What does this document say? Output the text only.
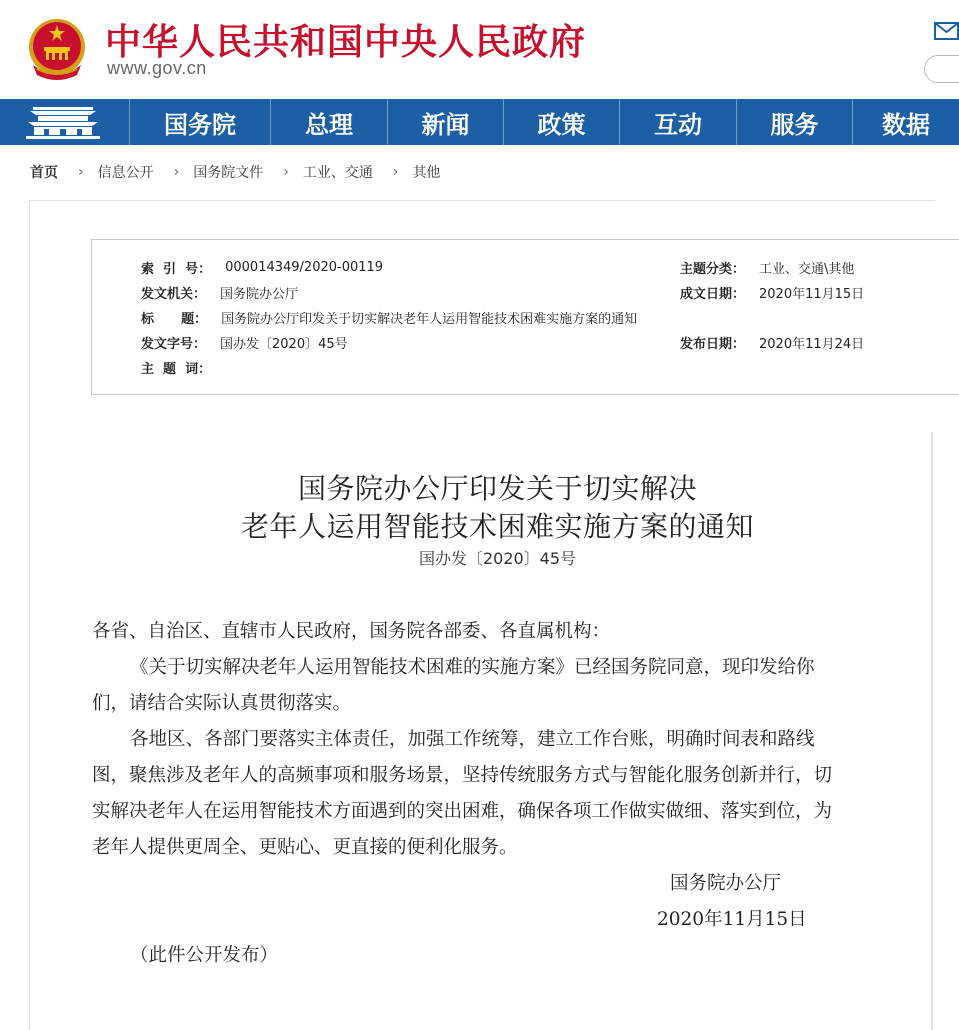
中华人民共和国中央人民政府
www.gov.cn
国务院	总理	新闻	政策	互动	服务	数据
首页 › 信息公开 › 国务院文件 › 工业、交通 › 其他
索  引  号： 000014349/2020-00119	主题分类： 工业、交通\其他
发文机关： 国务院办公厅	成文日期： 2020年11月15日
标      题： 国务院办公厅印发关于切实解决老年人运用智能技术困难实施方案的通知
发文字号： 国办发〔2020〕45号	发布日期： 2020年11月24日
主  题  词：
国务院办公厅印发关于切实解决
老年人运用智能技术困难实施方案的通知
国办发〔2020〕45号
各省、自治区、直辖市人民政府，国务院各部委、各直属机构：
《关于切实解决老年人运用智能技术困难的实施方案》已经国务院同意，现印发给你
们，请结合实际认真贯彻落实。
各地区、各部门要落实主体责任，加强工作统筹，建立工作台账，明确时间表和路线
图，聚焦涉及老年人的高频事项和服务场景，坚持传统服务方式与智能化服务创新并行，切
实解决老年人在运用智能技术方面遇到的突出困难，确保各项工作做实做细、落实到位，为
老年人提供更周全、更贴心、更直接的便利化服务。
国务院办公厅
2020年11月15日
（此件公开发布）
